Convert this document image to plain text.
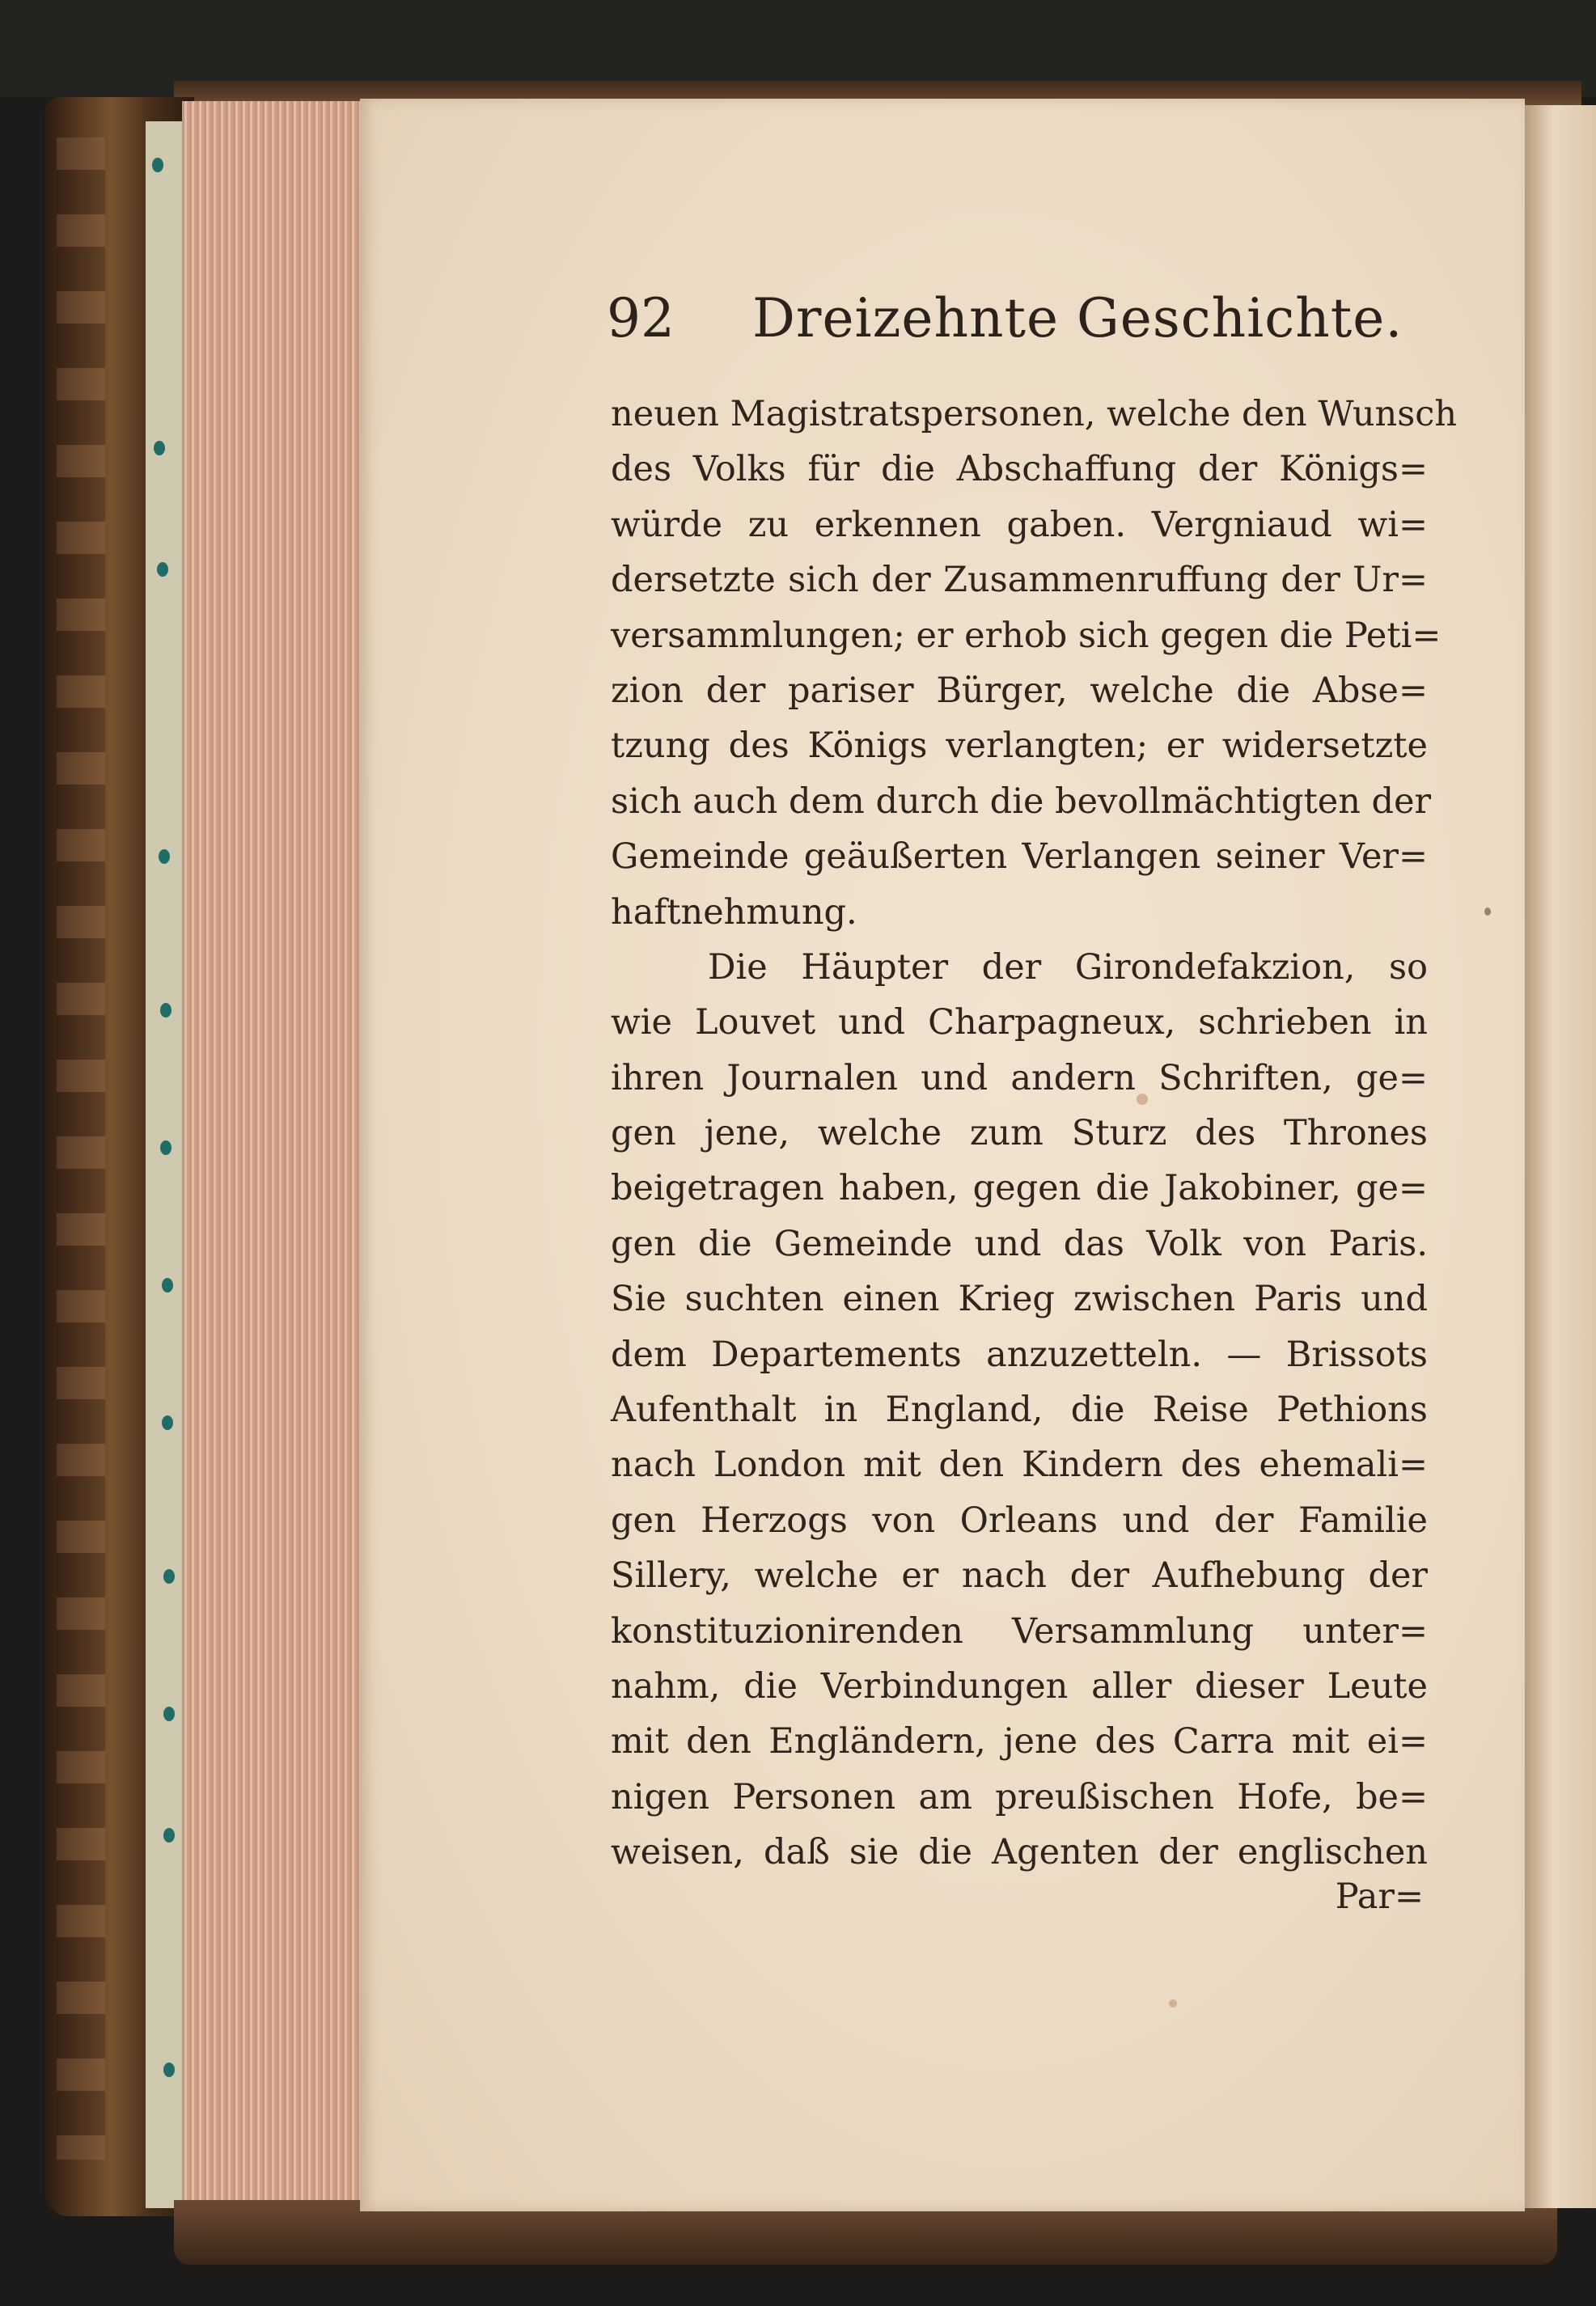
92 Dreizehnte Geschichte.
neuen Magistratspersonen, welche den Wunsch
des Volks für die Abschaffung der Königs=
würde zu erkennen gaben. Vergniaud wi=
dersetzte sich der Zusammenruffung der Ur=
versammlungen; er erhob sich gegen die Peti=
zion der pariser Bürger, welche die Abse=
tzung des Königs verlangten; er widersetzte
sich auch dem durch die bevollmächtigten der
Gemeinde geäußerten Verlangen seiner Ver=
haftnehmung.
Die Häupter der Girondefakzion, so
wie Louvet und Charpagneux, schrieben in
ihren Journalen und andern Schriften, ge=
gen jene, welche zum Sturz des Thrones
beigetragen haben, gegen die Jakobiner, ge=
gen die Gemeinde und das Volk von Paris.
Sie suchten einen Krieg zwischen Paris und
dem Departements anzuzetteln. — Brissots
Aufenthalt in England, die Reise Pethions
nach London mit den Kindern des ehemali=
gen Herzogs von Orleans und der Familie
Sillery, welche er nach der Aufhebung der
konstituzionirenden Versammlung unter=
nahm, die Verbindungen aller dieser Leute
mit den Engländern, jene des Carra mit ei=
nigen Personen am preußischen Hofe, be=
weisen, daß sie die Agenten der englischen
Par=
